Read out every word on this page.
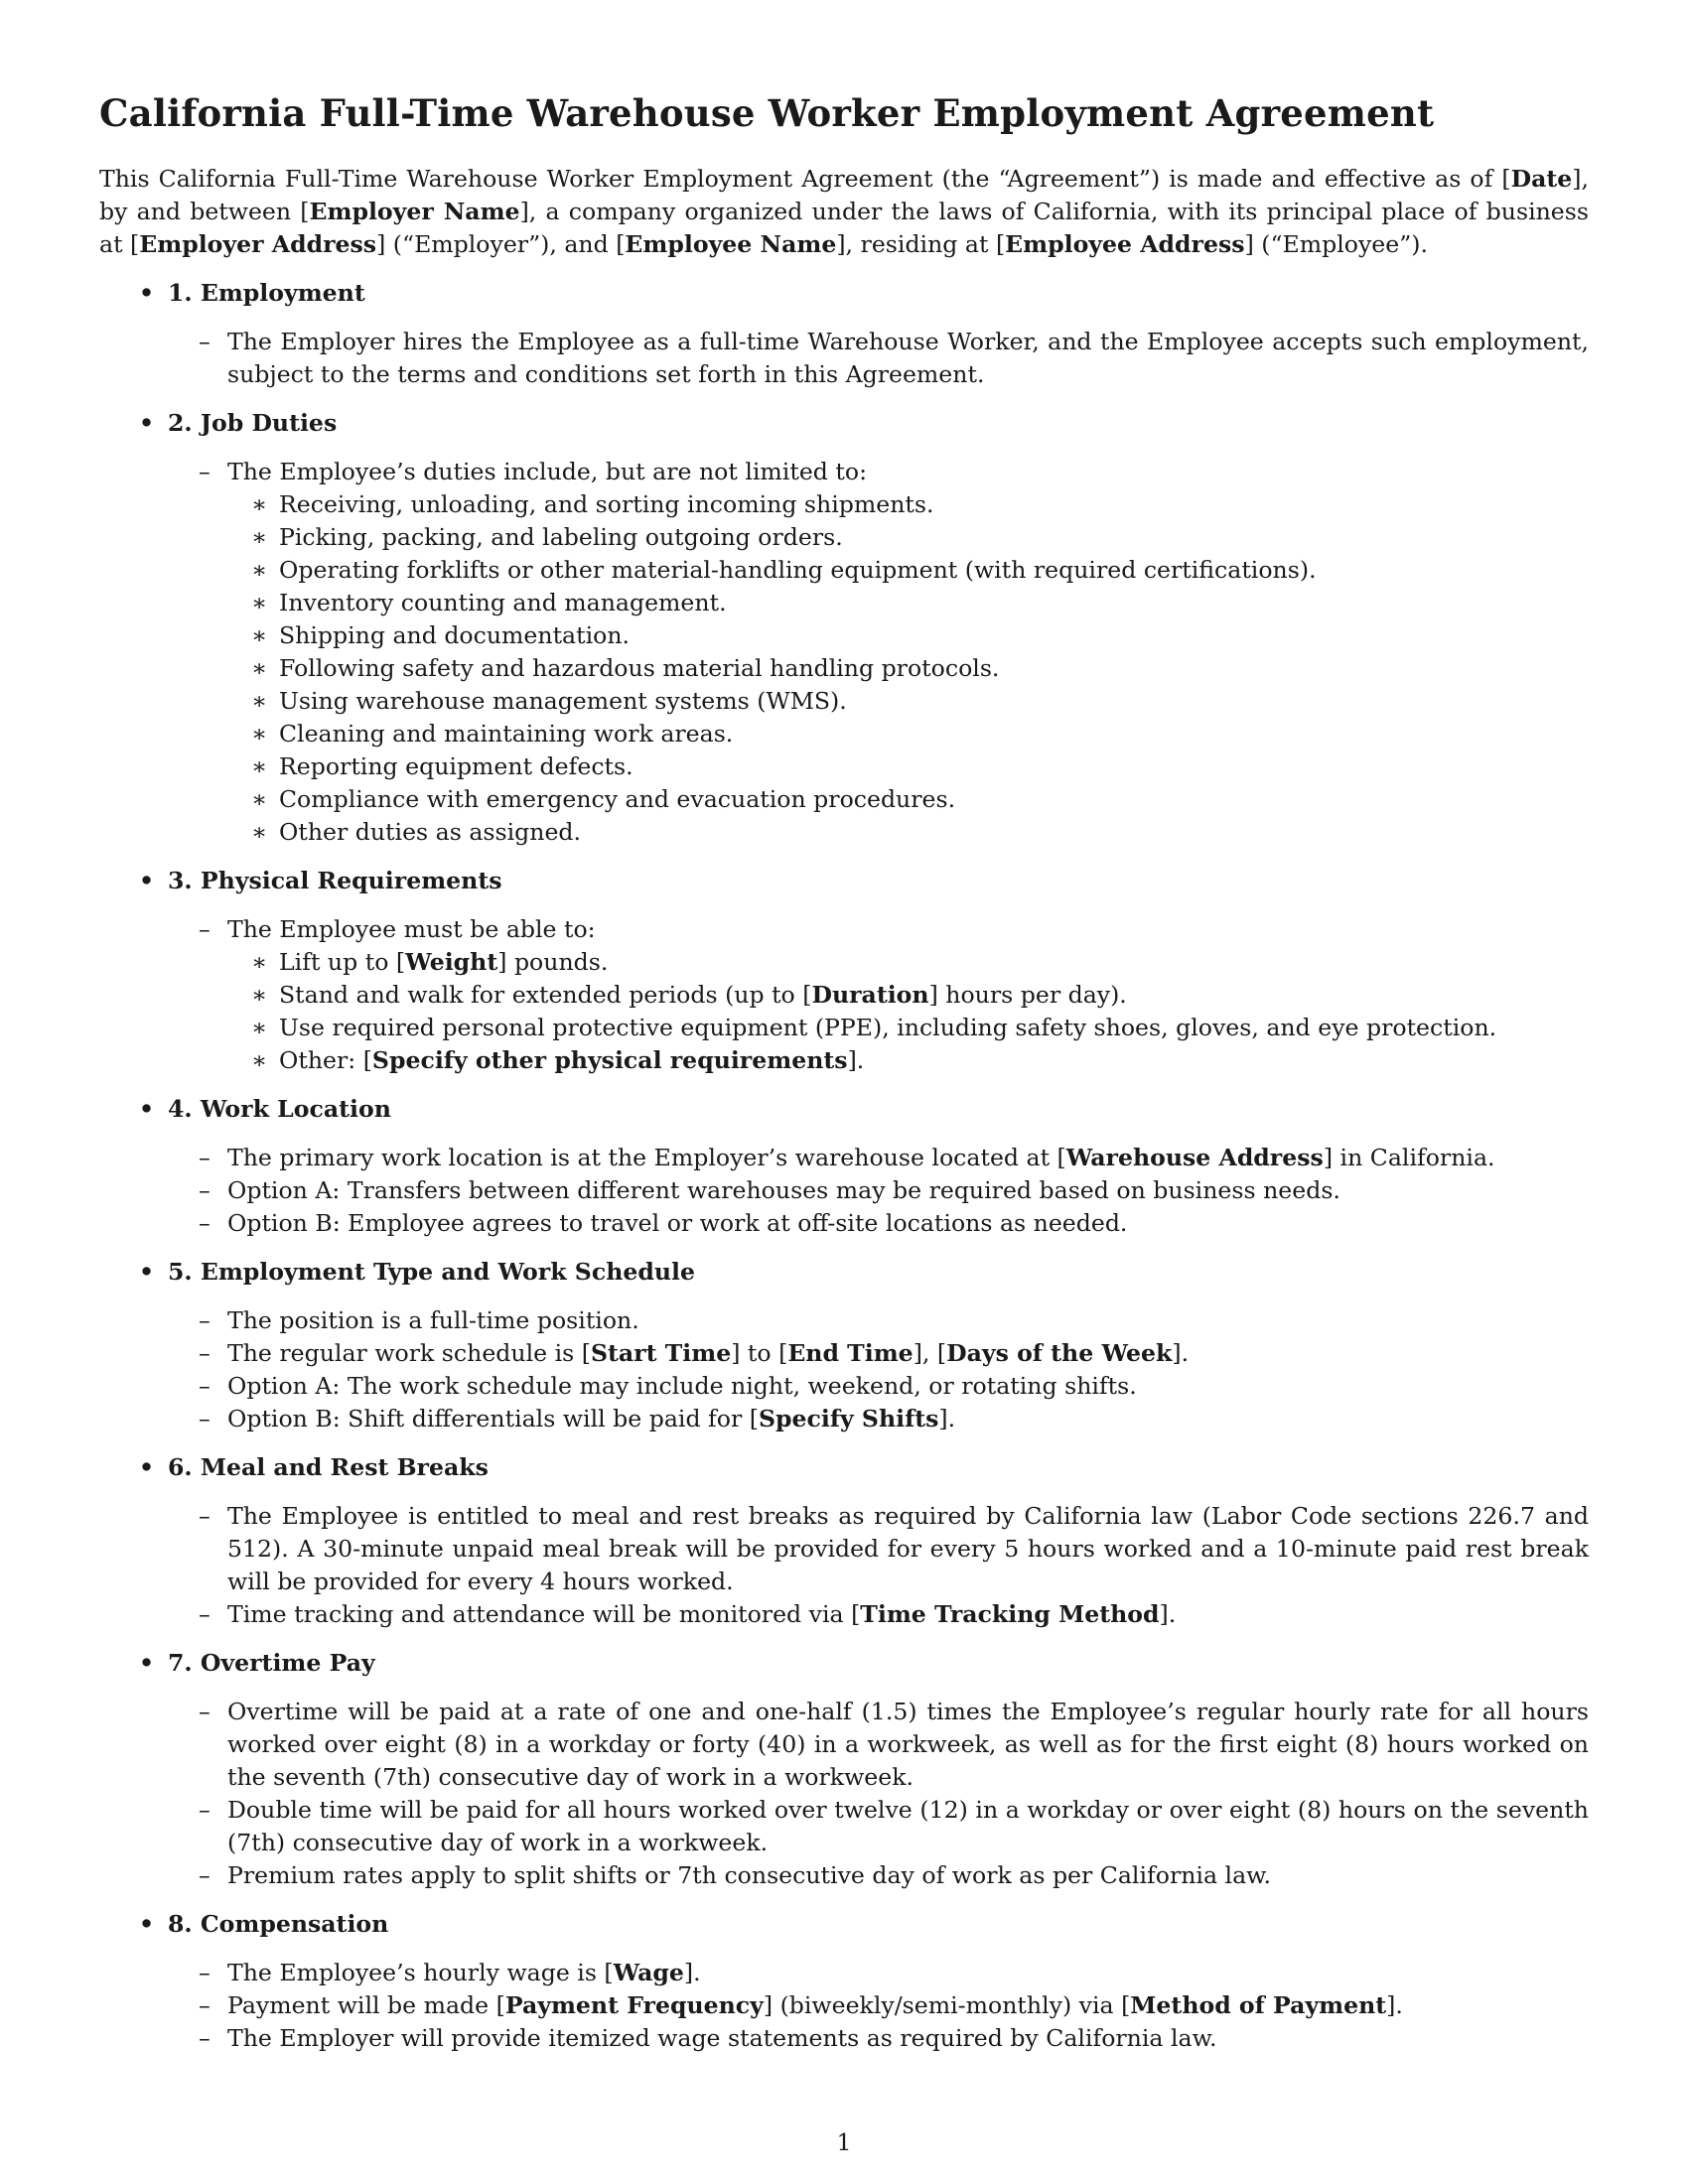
California Full-Time Warehouse Worker Employment Agreement
This California Full-Time Warehouse Worker Employment Agreement (the “Agreement”) is made and effective as of [Date], by and between [Employer Name], a company organized under the laws of California, with its principal place of business at [Employer Address] (“Employer”), and [Employee Name], residing at [Employee Address] (“Employee”).
• 1. Employment
– The Employer hires the Employee as a full-time Warehouse Worker, and the Employee accepts such employment, subject to the terms and conditions set forth in this Agreement.
• 2. Job Duties
– The Employee’s duties include, but are not limited to:
∗ Receiving, unloading, and sorting incoming shipments.
∗ Picking, packing, and labeling outgoing orders.
∗ Operating forklifts or other material-handling equipment (with required certifications).
∗ Inventory counting and management.
∗ Shipping and documentation.
∗ Following safety and hazardous material handling protocols.
∗ Using warehouse management systems (WMS).
∗ Cleaning and maintaining work areas.
∗ Reporting equipment defects.
∗ Compliance with emergency and evacuation procedures.
∗ Other duties as assigned.
• 3. Physical Requirements
– The Employee must be able to:
∗ Lift up to [Weight] pounds.
∗ Stand and walk for extended periods (up to [Duration] hours per day).
∗ Use required personal protective equipment (PPE), including safety shoes, gloves, and eye protection.
∗ Other: [Specify other physical requirements].
• 4. Work Location
– The primary work location is at the Employer’s warehouse located at [Warehouse Address] in California.
– Option A: Transfers between different warehouses may be required based on business needs.
– Option B: Employee agrees to travel or work at off-site locations as needed.
• 5. Employment Type and Work Schedule
– The position is a full-time position.
– The regular work schedule is [Start Time] to [End Time], [Days of the Week].
– Option A: The work schedule may include night, weekend, or rotating shifts.
– Option B: Shift differentials will be paid for [Specify Shifts].
• 6. Meal and Rest Breaks
– The Employee is entitled to meal and rest breaks as required by California law (Labor Code sections 226.7 and 512). A 30-minute unpaid meal break will be provided for every 5 hours worked and a 10-minute paid rest break will be provided for every 4 hours worked.
– Time tracking and attendance will be monitored via [Time Tracking Method].
• 7. Overtime Pay
– Overtime will be paid at a rate of one and one-half (1.5) times the Employee’s regular hourly rate for all hours worked over eight (8) in a workday or forty (40) in a workweek, as well as for the first eight (8) hours worked on the seventh (7th) consecutive day of work in a workweek.
– Double time will be paid for all hours worked over twelve (12) in a workday or over eight (8) hours on the seventh (7th) consecutive day of work in a workweek.
– Premium rates apply to split shifts or 7th consecutive day of work as per California law.
• 8. Compensation
– The Employee’s hourly wage is [Wage].
– Payment will be made [Payment Frequency] (biweekly/semi-monthly) via [Method of Payment].
– The Employer will provide itemized wage statements as required by California law.
1
